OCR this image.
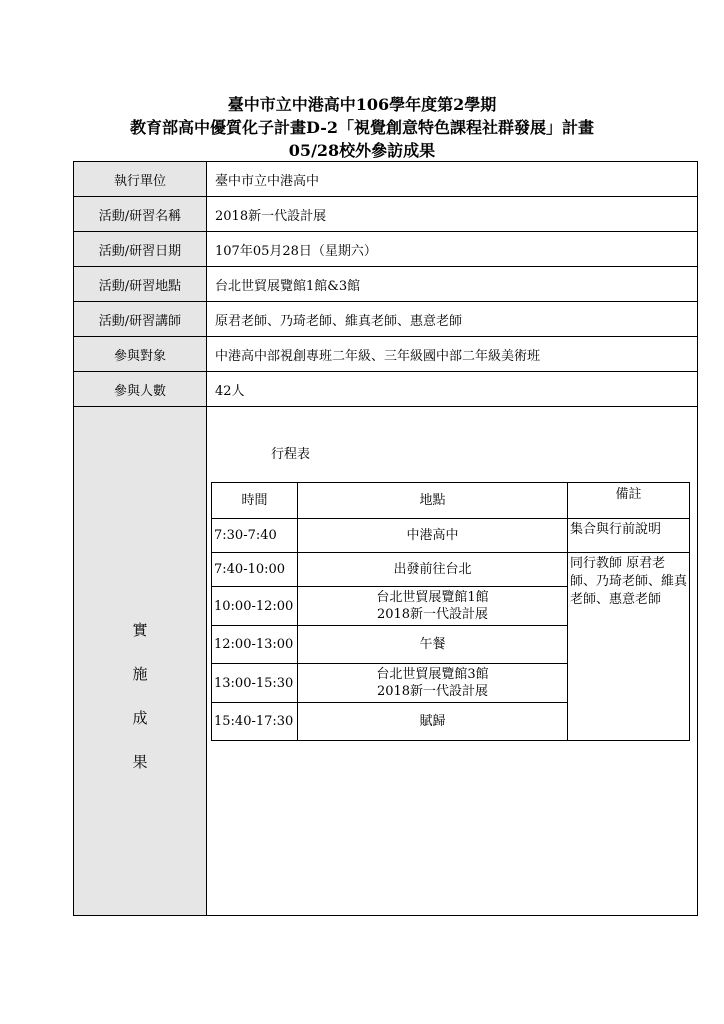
臺中市立中港高中106學年度第2學期
教育部高中優質化子計畫D-2「視覺創意特色課程社群發展」計畫
05/28校外參訪成果
執行單位	臺中市立中港高中
活動/研習名稱	2018新一代設計展
活動/研習日期	107年05月28日（星期六）
活動/研習地點	台北世貿展覽館1館&3館
活動/研習講師	原君老師、乃琦老師、維真老師、惠意老師
參與對象	中港高中部視創專班二年級、三年級國中部二年級美術班
參與人數	42人
實
施
成
果	
行程表
時間	地點	備註
7:30-7:40	中港高中	集合與行前說明
7:40-10:00	出發前往台北	同行教師 原君老師、乃琦老師、維真老師、惠意老師
10:00-12:00	台北世貿展覽館1館
2018新一代設計展
12:00-13:00	午餐
13:00-15:30	台北世貿展覽館3館
2018新一代設計展
15:40-17:30	賦歸
